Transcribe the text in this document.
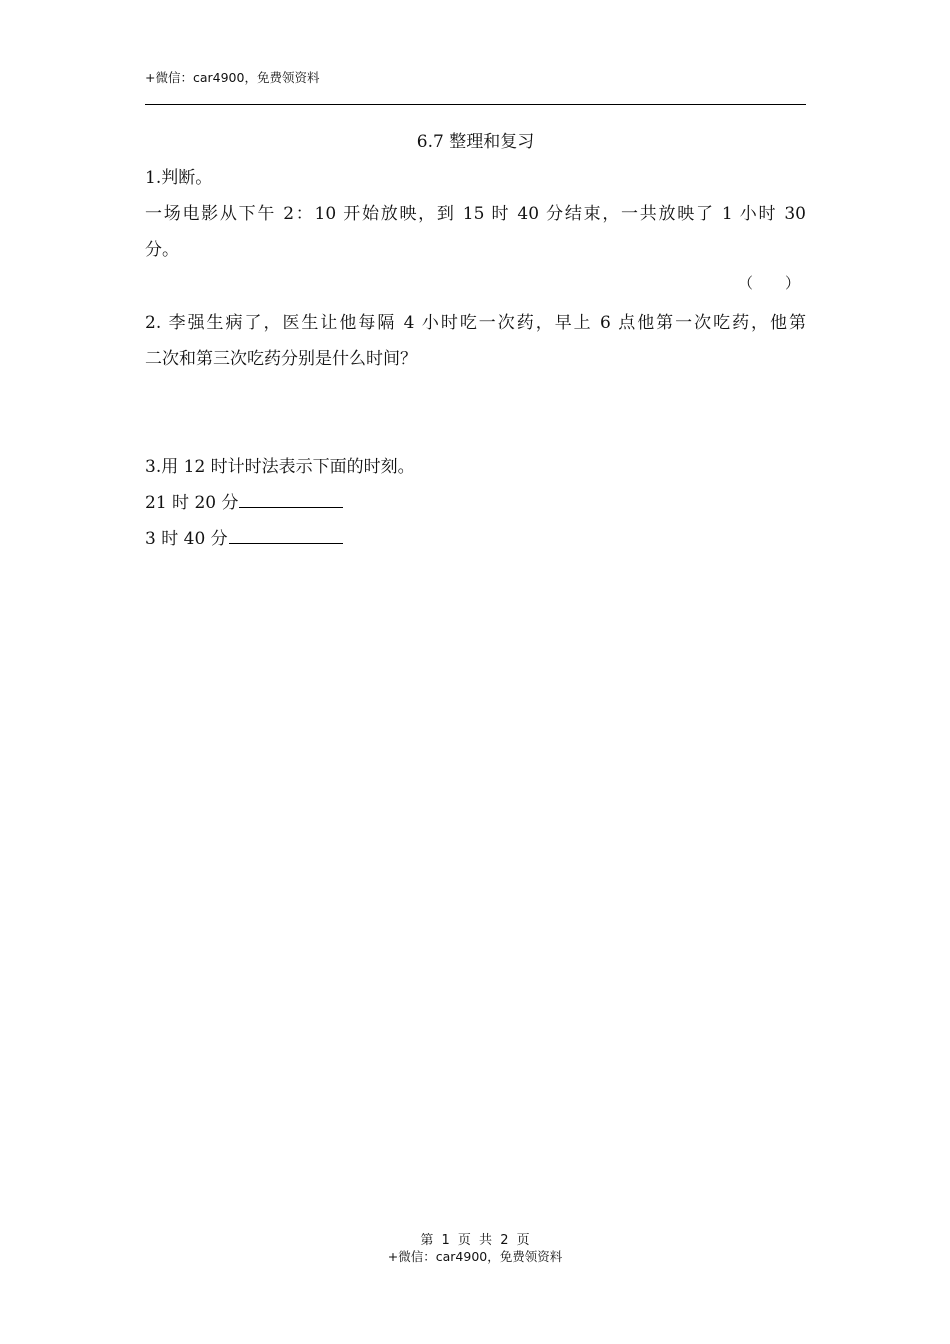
+微信：car4900，免费领资料
6.7 整理和复习
1.判断。
一场电影从下午 2：10 开始放映，到 15 时 40 分结束，一共放映了 1 小时 30
分。
（ ）
2. 李强生病了，医生让他每隔 4 小时吃一次药，早上 6 点他第一次吃药，他第
二次和第三次吃药分别是什么时间？
3.用 12 时计时法表示下面的时刻。
21 时 20 分
3 时 40 分
第 1 页 共 2 页
+微信：car4900，免费领资料
